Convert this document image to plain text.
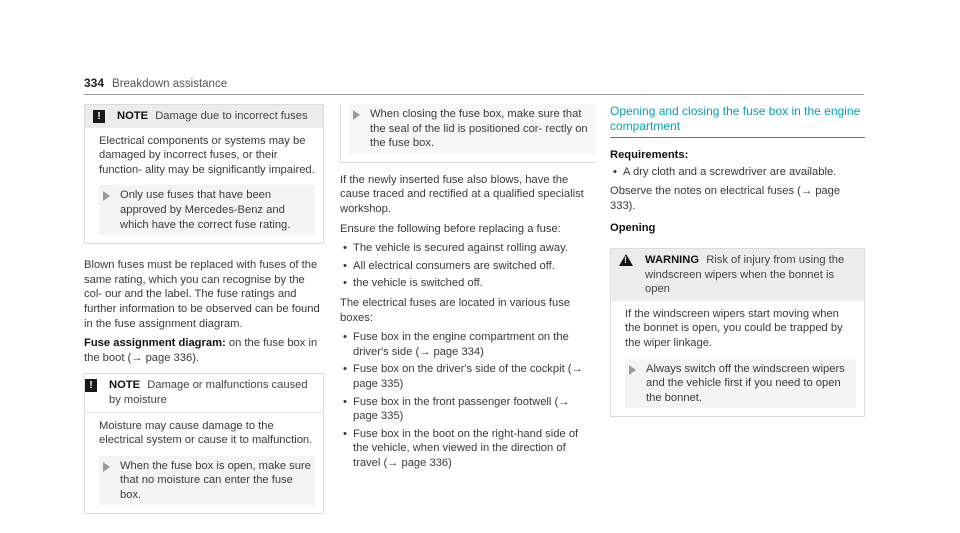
334 Breakdown assistance
!	NOTE Damage due to incorrect fuses

Electrical components or systems may be damaged by incorrect fuses, or their function- ality may be significantly impaired.

Only use fuses that have been approved by Mercedes-Benz and which have the correct fuse rating.

Blown fuses must be replaced with fuses of the same rating, which you can recognise by the col- our and the label. The fuse ratings and further information to be observed can be found in the fuse assignment diagram.

Fuse assignment diagram: on the fuse box in the boot (→ page 336).

!	NOTE Damage or malfunctions caused by moisture

Moisture may cause damage to the electrical system or cause it to malfunction.

When the fuse box is open, make sure that no moisture can enter the fuse box.
When closing the fuse box, make sure that the seal of the lid is positioned cor- rectly on the fuse box.

If the newly inserted fuse also blows, have the cause traced and rectified at a qualified specialist workshop.

Ensure the following before replacing a fuse:

• The vehicle is secured against rolling away.
• All electrical consumers are switched off.
• the vehicle is switched off.

The electrical fuses are located in various fuse boxes:

• Fuse box in the engine compartment on the driver's side (→ page 334)
• Fuse box on the driver's side of the cockpit (→ page 335)
• Fuse box in the front passenger footwell (→ page 335)
• Fuse box in the boot on the right-hand side of the vehicle, when viewed in the direction of travel (→ page 336)
Opening and closing the fuse box in the engine compartment
Requirements:
• A dry cloth and a screwdriver are available.

Observe the notes on electrical fuses (→ page 333).

Opening
!
WARNING Risk of injury from using the windscreen wipers when the bonnet is open

If the windscreen wipers start moving when the bonnet is open, you could be trapped by the wiper linkage.

Always switch off the windscreen wipers and the vehicle first if you need to open the bonnet.
